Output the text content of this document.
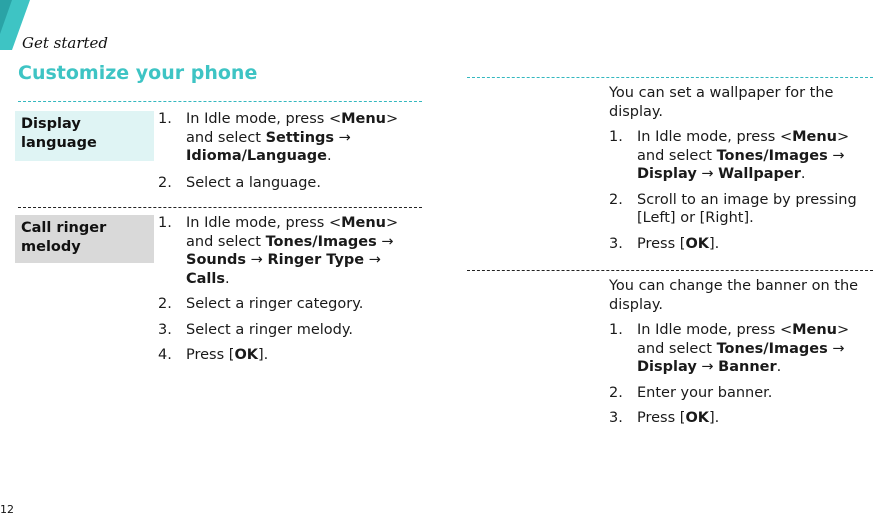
Get started
Customize your phone
Display language
1. In Idle mode, press <Menu> and select Settings → Idioma/Language.
2. Select a language.
Call ringer melody
1. In Idle mode, press <Menu> and select Tones/Images → Sounds → Ringer Type → Calls.
2. Select a ringer category.
3. Select a ringer melody.
4. Press [OK].
You can set a wallpaper for the display.
1. In Idle mode, press <Menu> and select Tones/Images → Display → Wallpaper.
2. Scroll to an image by pressing [Left] or [Right].
3. Press [OK].
You can change the banner on the display.
1. In Idle mode, press <Menu> and select Tones/Images → Display → Banner.
2. Enter your banner.
3. Press [OK].
12
